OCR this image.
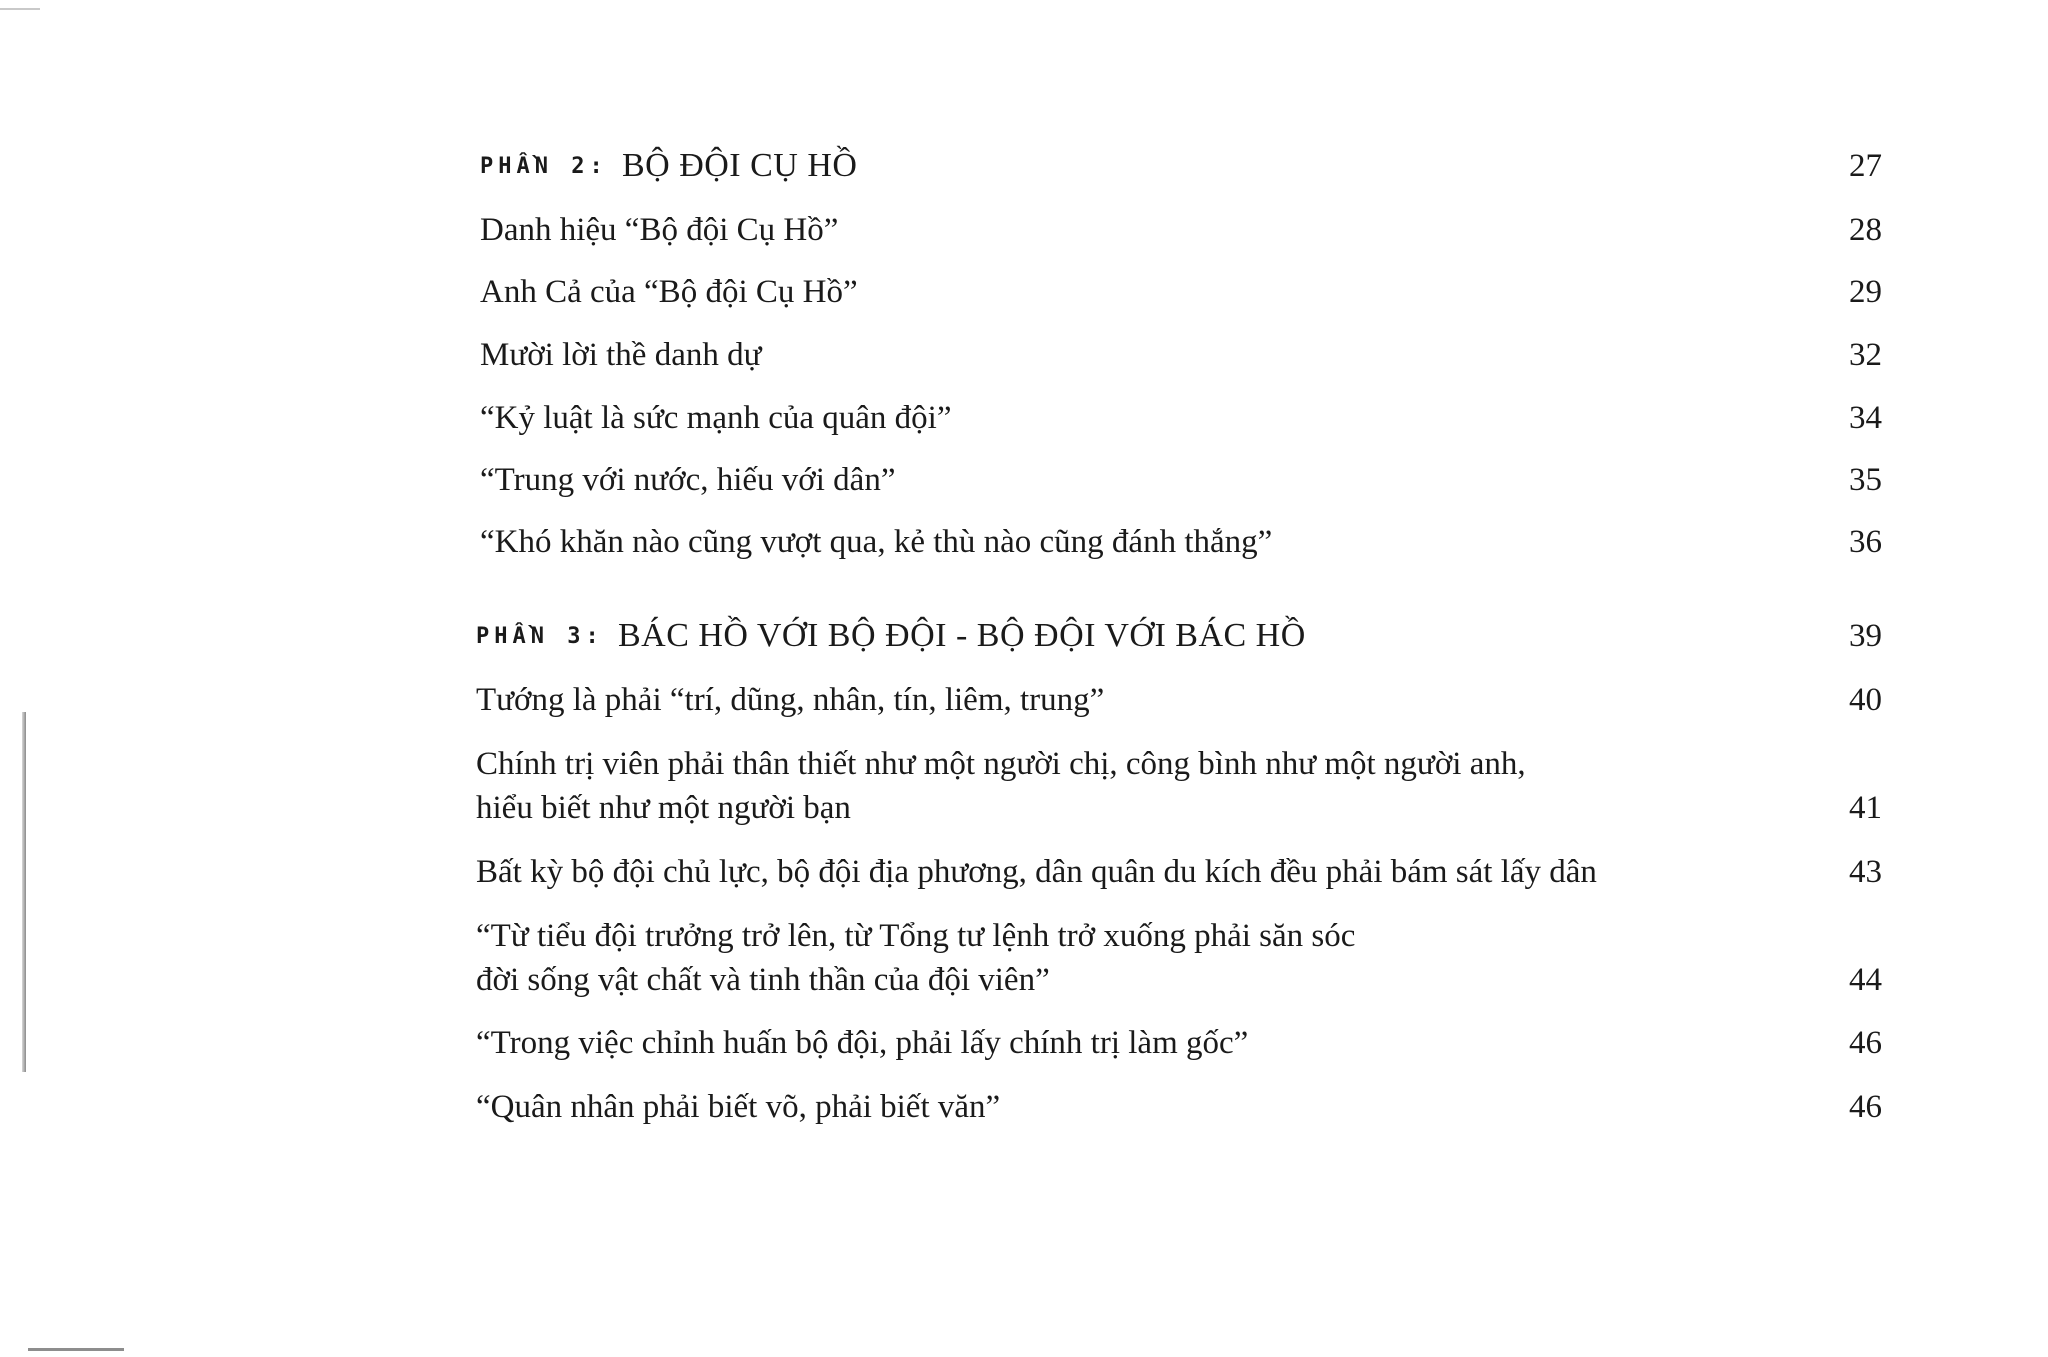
PHẦN 2: BỘ ĐỘI CỤ HỒ	27
Danh hiệu “Bộ đội Cụ Hồ”	28
Anh Cả của “Bộ đội Cụ Hồ”	29
Mười lời thề danh dự	32
“Kỷ luật là sức mạnh của quân đội”	34
“Trung với nước, hiếu với dân”	35
“Khó khăn nào cũng vượt qua, kẻ thù nào cũng đánh thắng”	36
PHẦN 3: BÁC HỒ VỚI BỘ ĐỘI - BỘ ĐỘI VỚI BÁC HỒ	39
Tướng là phải “trí, dũng, nhân, tín, liêm, trung”	40
Chính trị viên phải thân thiết như một người chị, công bình như một người anh,
hiểu biết như một người bạn	41
Bất kỳ bộ đội chủ lực, bộ đội địa phương, dân quân du kích đều phải bám sát lấy dân	43
“Từ tiểu đội trưởng trở lên, từ Tổng tư lệnh trở xuống phải săn sóc
đời sống vật chất và tinh thần của đội viên”	44
“Trong việc chỉnh huấn bộ đội, phải lấy chính trị làm gốc”	46
“Quân nhân phải biết võ, phải biết văn”	46
